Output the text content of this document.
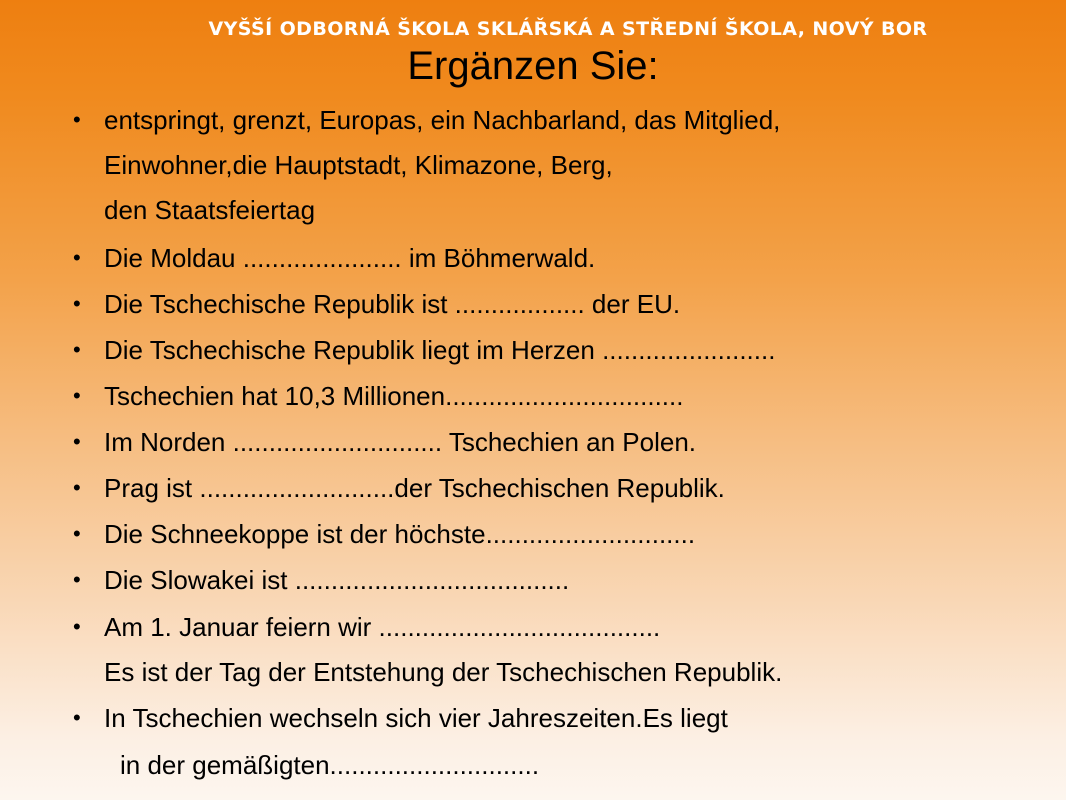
VYŠŠÍ ODBORNÁ ŠKOLA SKLÁŘSKÁ A STŘEDNÍ ŠKOLA, NOVÝ BOR
Ergänzen Sie:
• entspringt, grenzt, Europas, ein Nachbarland, das Mitglied,
Einwohner,die Hauptstadt, Klimazone, Berg,
den Staatsfeiertag
• Die Moldau ...................... im Böhmerwald.
• Die Tschechische Republik ist .................. der EU.
• Die Tschechische Republik liegt im Herzen ........................
• Tschechien hat 10,3 Millionen.................................
• Im Norden ............................. Tschechien an Polen.
• Prag ist ...........................der Tschechischen Republik.
• Die Schneekoppe ist der höchste.............................
• Die Slowakei ist ......................................
• Am 1. Januar feiern wir .......................................
Es ist der Tag der Entstehung der Tschechischen Republik.
• In Tschechien wechseln sich vier Jahreszeiten.Es liegt
in der gemäßigten.............................
